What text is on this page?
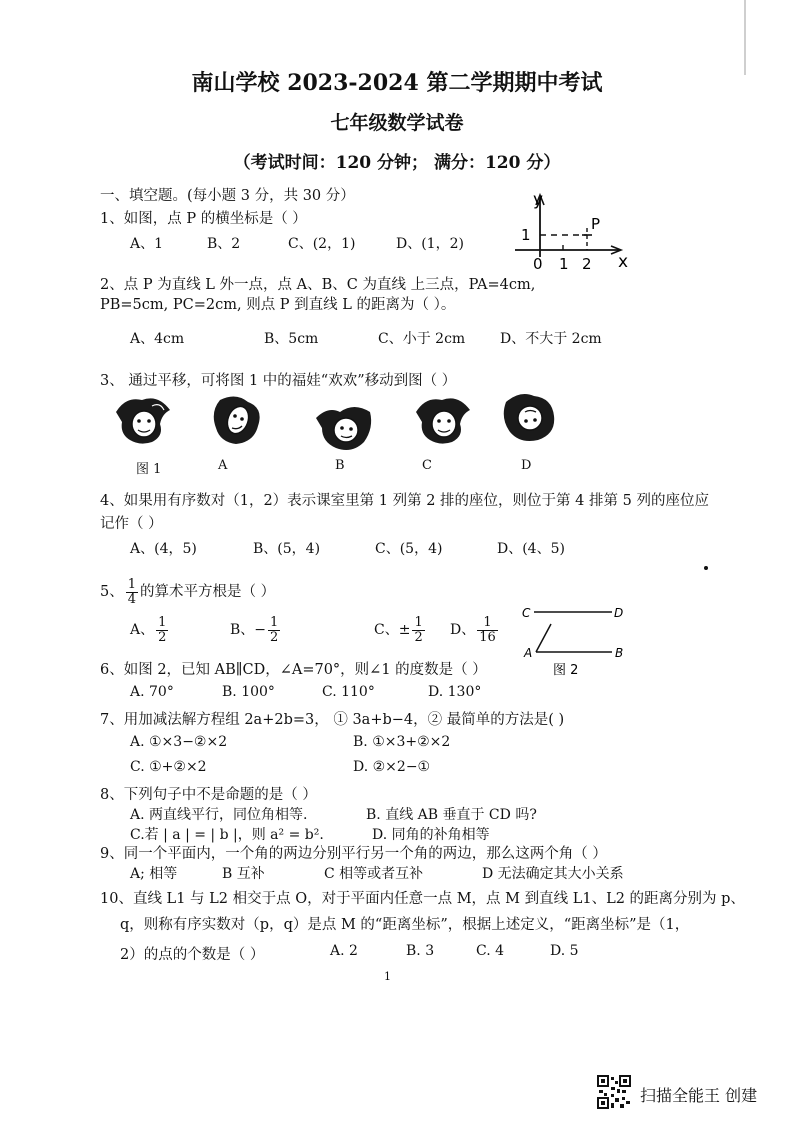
南山学校 2023-2024 第二学期期中考试
七年级数学试卷
（考试时间：120 分钟； 满分：120 分）
一、填空题。(每小题 3 分，共 30 分）
1、如图，点 P 的横坐标是（ ）
A、1	B、2	C、(2，1)	D、(1，2)
y
x
0 1 2
1
P
2、点 P 为直线 L 外一点，点 A、B、C 为直线 上三点，PA=4cm,
PB=5cm, PC=2cm, 则点 P 到直线 L 的距离为（ ）。
A、4cm	B、5cm	C、小于 2cm D、不大于 2cm
3、 通过平移，可将图 1 中的福娃“欢欢”移动到图（ ）
图 1	A	B	C	D
4、如果用有序数对（1，2）表示课室里第 1 列第 2 排的座位，则位于第 4 排第 5 列的座位应
记作（ ）
A、(4，5)	B、(5，4)	C、(5，4)	D、(4、5)
5、 $\frac{1}{4}$ 的算术平方根是（ ）
A、 $\frac{1}{2}$	B、− $\frac{1}{2}$	C、± $\frac{1}{2}$ D、 $\frac{1}{16}$
C	D
A	B
图 2
6、如图 2，已知 AB∥CD，∠A=70°，则∠1 的度数是（ ）
A. 70°	B. 100°	C. 110°	D. 130°
7、用加减法解方程组 2a+2b=3， ① 3a+b−4，② 最简单的方法是( )
A. ①×3−②×2	B. ①×3+②×2
C. ①+②×2	D. ②×2−①
8、下列句子中不是命题的是（ ）
A. 两直线平行，同位角相等.	B. 直线 AB 垂直于 CD 吗?
C.若 | a | = | b |，则 a² = b².	D. 同角的补角相等
9、同一个平面内，一个角的两边分别平行另一个角的两边，那么这两个角（ ）
A; 相等	B 互补	C 相等或者互补	D 无法确定其大小关系
10、直线 L1 与 L2 相交于点 O，对于平面内任意一点 M，点 M 到直线 L1、L2 的距离分别为 p、
q，则称有序实数对（p，q）是点 M 的“距离坐标”，根据上述定义，“距离坐标”是（1，
2）的点的个数是（ ）	A. 2	B. 3	C. 4	D. 5
1
扫描全能王 创建
